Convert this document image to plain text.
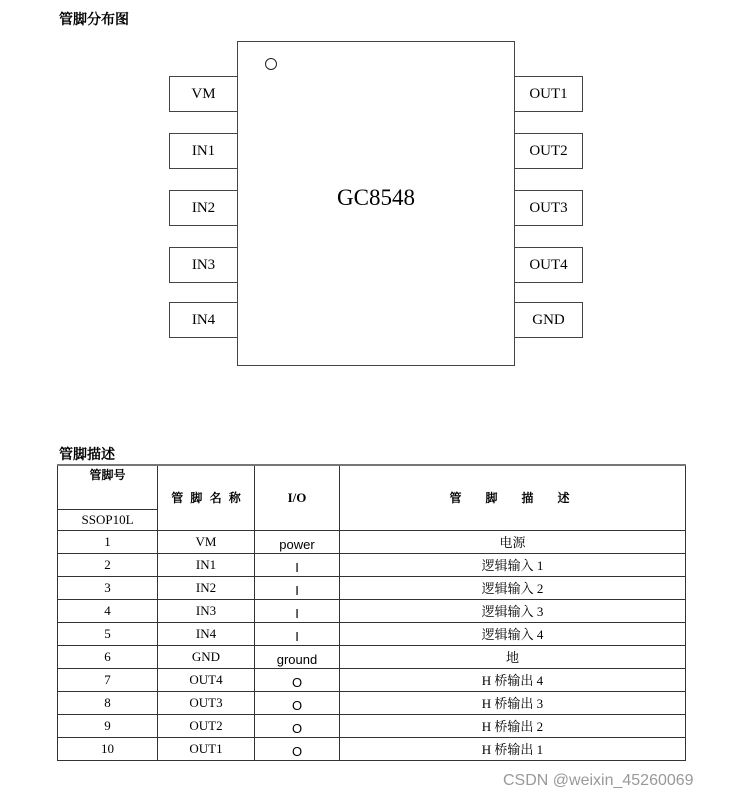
管脚分布图
GC8548
VM
IN1
IN2
IN3
IN4
OUT1
OUT2
OUT3
OUT4
GND
管脚描述
管脚号	管 脚 名 称	I/O	管　脚　描　述
SSOP10L			
1	VM	power	电源
2	IN1	I	逻辑输入 1
3	IN2	I	逻辑输入 2
4	IN3	I	逻辑输入 3
5	IN4	I	逻辑输入 4
6	GND	ground	地
7	OUT4	O	H 桥输出 4
8	OUT3	O	H 桥输出 3
9	OUT2	O	H 桥输出 2
10	OUT1	O	H 桥输出 1
CSDN @weixin_45260069
